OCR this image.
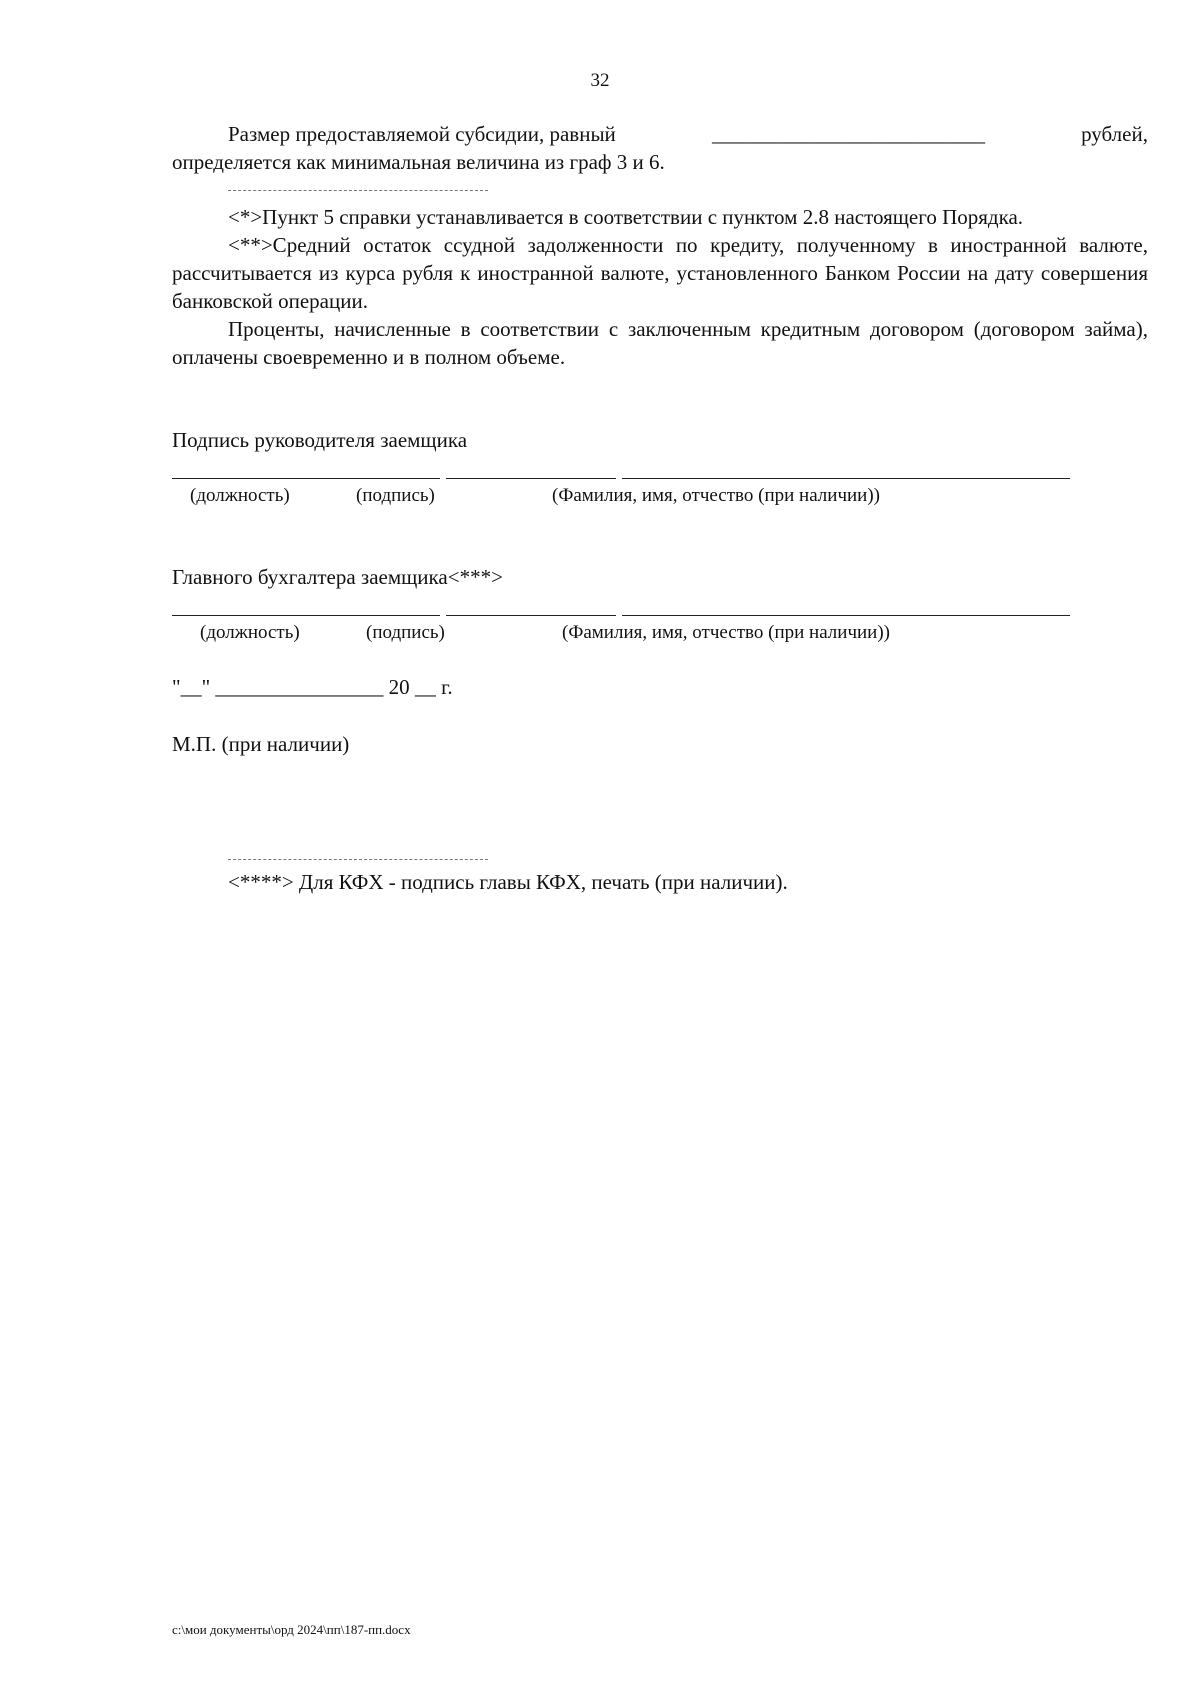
32
Размер предоставляемой субсидии, равный	__________________________	рублей,
определяется как минимальная величина из граф 3 и 6.

<*>Пункт 5 справки устанавливается в соответствии с пунктом 2.8 настоящего Порядка.

<**>Средний остаток ссудной задолженности по кредиту, полученному в иностранной валюте, рассчитывается из курса рубля к иностранной валюте, установленного Банком России на дату совершения банковской операции.

Проценты, начисленные в соответствии с заключенным кредитным договором (договором займа), оплачены своевременно и в полном объеме.

Подпись руководителя заемщика
(должность)	(подпись)	(Фамилия, имя, отчество (при наличии))
Главного бухгалтера заемщика<***>
(должность)	(подпись)	(Фамилия, имя, отчество (при наличии))
"__" ________________ 20 __ г.
М.П. (при наличии)
<****> Для КФХ - подпись главы КФХ, печать (при наличии).
c:\мои документы\орд 2024\пп\187-пп.docx
